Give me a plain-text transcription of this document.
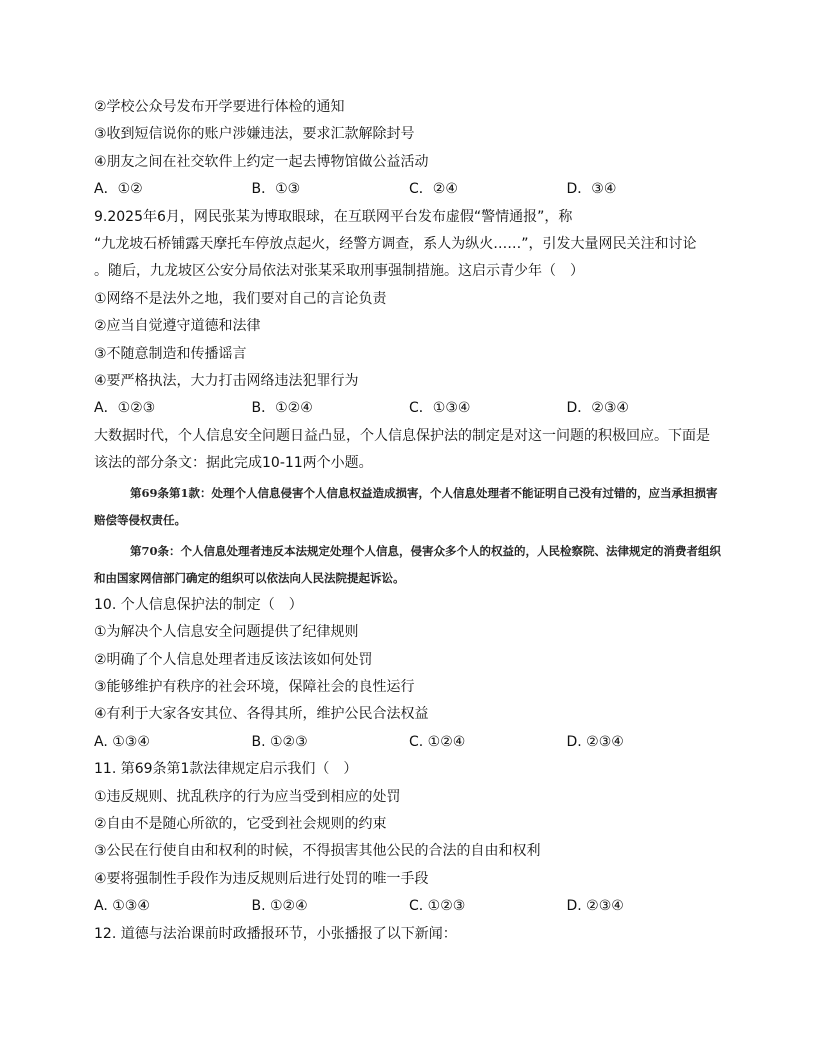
②学校公众号发布开学要进行体检的通知
③收到短信说你的账户涉嫌违法，要求汇款解除封号
④朋友之间在社交软件上约定一起去博物馆做公益活动
A．①②	B．①③	C．②④	D．③④
9.2025年6月，网民张某为博取眼球，在互联网平台发布虚假“警情通报”，称
“九龙坡石桥铺露天摩托车停放点起火，经警方调查，系人为纵火……”，引发大量网民关注和讨论
。随后，九龙坡区公安分局依法对张某采取刑事强制措施。这启示青少年（　）
①网络不是法外之地，我们要对自己的言论负责
②应当自觉遵守道德和法律
③不随意制造和传播谣言
④要严格执法，大力打击网络违法犯罪行为
A．①②③	B．①②④	C．①③④	D．②③④
大数据时代，个人信息安全问题日益凸显，个人信息保护法的制定是对这一问题的积极回应。下面是
该法的部分条文：据此完成10-11两个小题。
第69条第1款：处理个人信息侵害个人信息权益造成损害，个人信息处理者不能证明自己没有过错的，应当承担损害赔偿等侵权责任。
第70条：个人信息处理者违反本法规定处理个人信息，侵害众多个人的权益的，人民检察院、法律规定的消费者组织和由国家网信部门确定的组织可以依法向人民法院提起诉讼。
10. 个人信息保护法的制定（　）
①为解决个人信息安全问题提供了纪律规则
②明确了个人信息处理者违反该法该如何处罚
③能够维护有秩序的社会环境，保障社会的良性运行
④有利于大家各安其位、各得其所，维护公民合法权益
A. ①③④	B. ①②③	C. ①②④	D. ②③④
11. 第69条第1款法律规定启示我们（　）
①违反规则、扰乱秩序的行为应当受到相应的处罚
②自由不是随心所欲的，它受到社会规则的约束
③公民在行使自由和权利的时候，不得损害其他公民的合法的自由和权利
④要将强制性手段作为违反规则后进行处罚的唯一手段
A. ①③④	B. ①②④	C. ①②③	D. ②③④
12. 道德与法治课前时政播报环节，小张播报了以下新闻：
